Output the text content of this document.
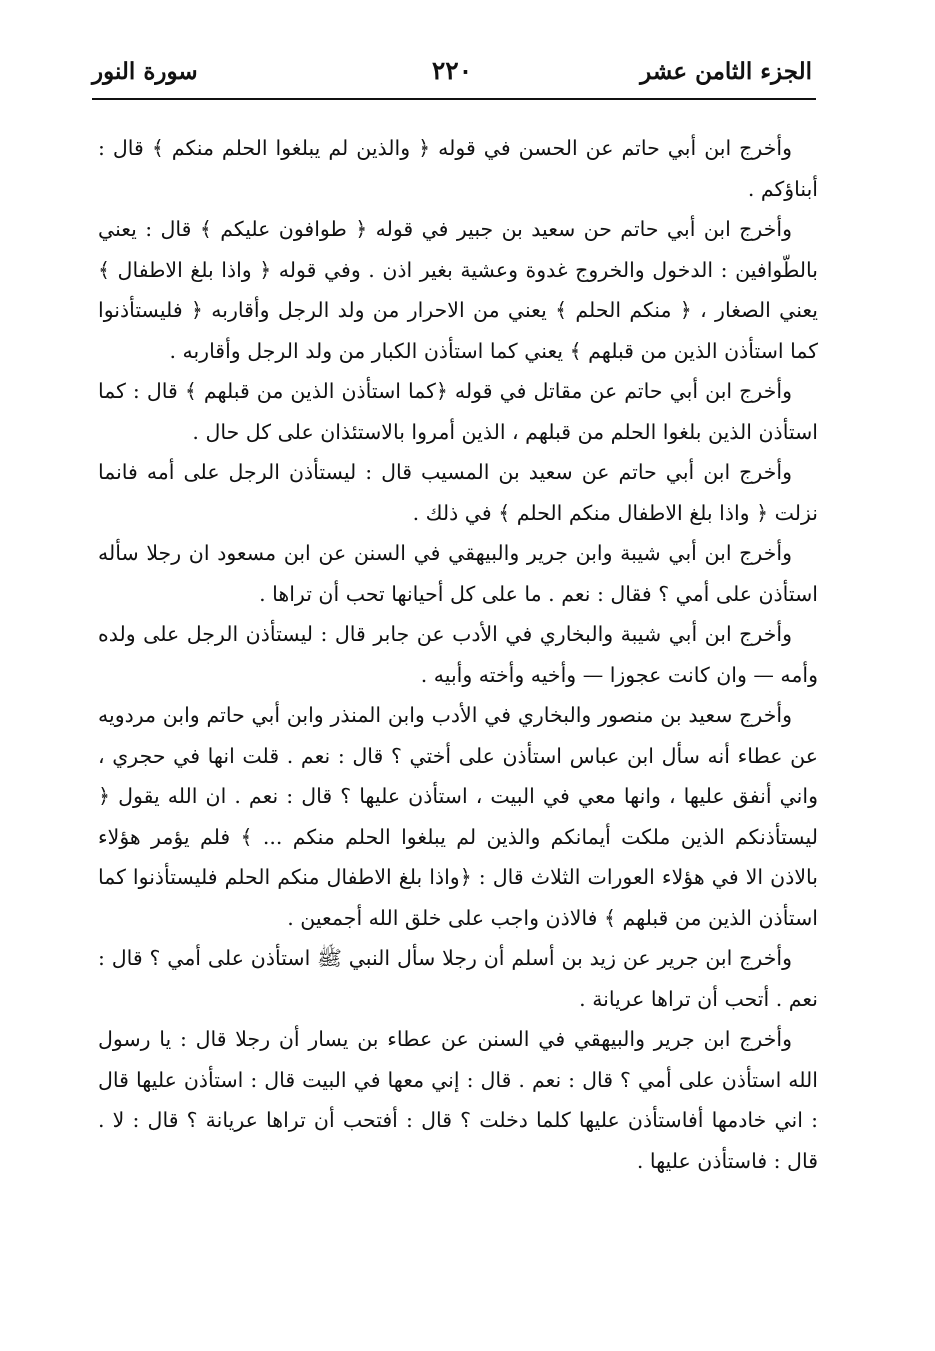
الجزء الثامن عشر
٢٢٠
سورة النور

وأخرج ابن أبي حاتم عن الحسن في قوله ﴿ والذين لم يبلغوا الحلم منكم ﴾ قال : أبناؤكم .

وأخرج ابن أبي حاتم حن سعيد بن جبير في قوله ﴿ طوافون عليكم ﴾ قال : يعني بالطّوافين : الدخول والخروج غدوة وعشية بغير اذن . وفي قوله ﴿ واذا بلغ الاطفال ﴾ يعني الصغار ، ﴿ منكم الحلم ﴾ يعني من الاحرار من ولد الرجل وأقاربه ﴿ فليستأذنوا كما استأذن الذين من قبلهم ﴾ يعني كما استأذن الكبار من ولد الرجل وأقاربه .

وأخرج ابن أبي حاتم عن مقاتل في قوله ﴿كما استأذن الذين من قبلهم ﴾ قال : كما استأذن الذين بلغوا الحلم من قبلهم ، الذين أمروا بالاستئذان على كل حال .

وأخرج ابن أبي حاتم عن سعيد بن المسيب قال : ليستأذن الرجل على أمه فانما نزلت ﴿ واذا بلغ الاطفال منكم الحلم ﴾ في ذلك .

وأخرج ابن أبي شيبة وابن جرير والبيهقي في السنن عن ابن مسعود ان رجلا سأله استأذن على أمي ؟ فقال : نعم . ما على كل أحيانها تحب أن تراها .

وأخرج ابن أبي شيبة والبخاري في الأدب عن جابر قال : ليستأذن الرجل على ولده وأمه — وان كانت عجوزا — وأخيه وأخته وأبيه .

وأخرج سعيد بن منصور والبخاري في الأدب وابن المنذر وابن أبي حاتم وابن مردويه عن عطاء أنه سأل ابن عباس استأذن على أختي ؟ قال : نعم . قلت انها في حجري ، واني أنفق عليها ، وانها معي في البيت ، استأذن عليها ؟ قال : نعم . ان الله يقول ﴿ ليستأذنكم الذين ملكت أيمانكم والذين لم يبلغوا الحلم منكم ... ﴾ فلم يؤمر هؤلاء بالاذن الا في هؤلاء العورات الثلاث قال : ﴿واذا بلغ الاطفال منكم الحلم فليستأذنوا كما استأذن الذين من قبلهم ﴾ فالاذن واجب على خلق الله أجمعين .

وأخرج ابن جرير عن زيد بن أسلم أن رجلا سأل النبي ﷺ استأذن على أمي ؟ قال : نعم . أتحب أن تراها عريانة .

وأخرج ابن جرير والبيهقي في السنن عن عطاء بن يسار أن رجلا قال : يا رسول الله استأذن على أمي ؟ قال : نعم . قال : إني معها في البيت قال : استأذن عليها قال : اني خادمها أفاستأذن عليها كلما دخلت ؟ قال : أفتحب أن تراها عريانة ؟ قال : لا . قال : فاستأذن عليها .
